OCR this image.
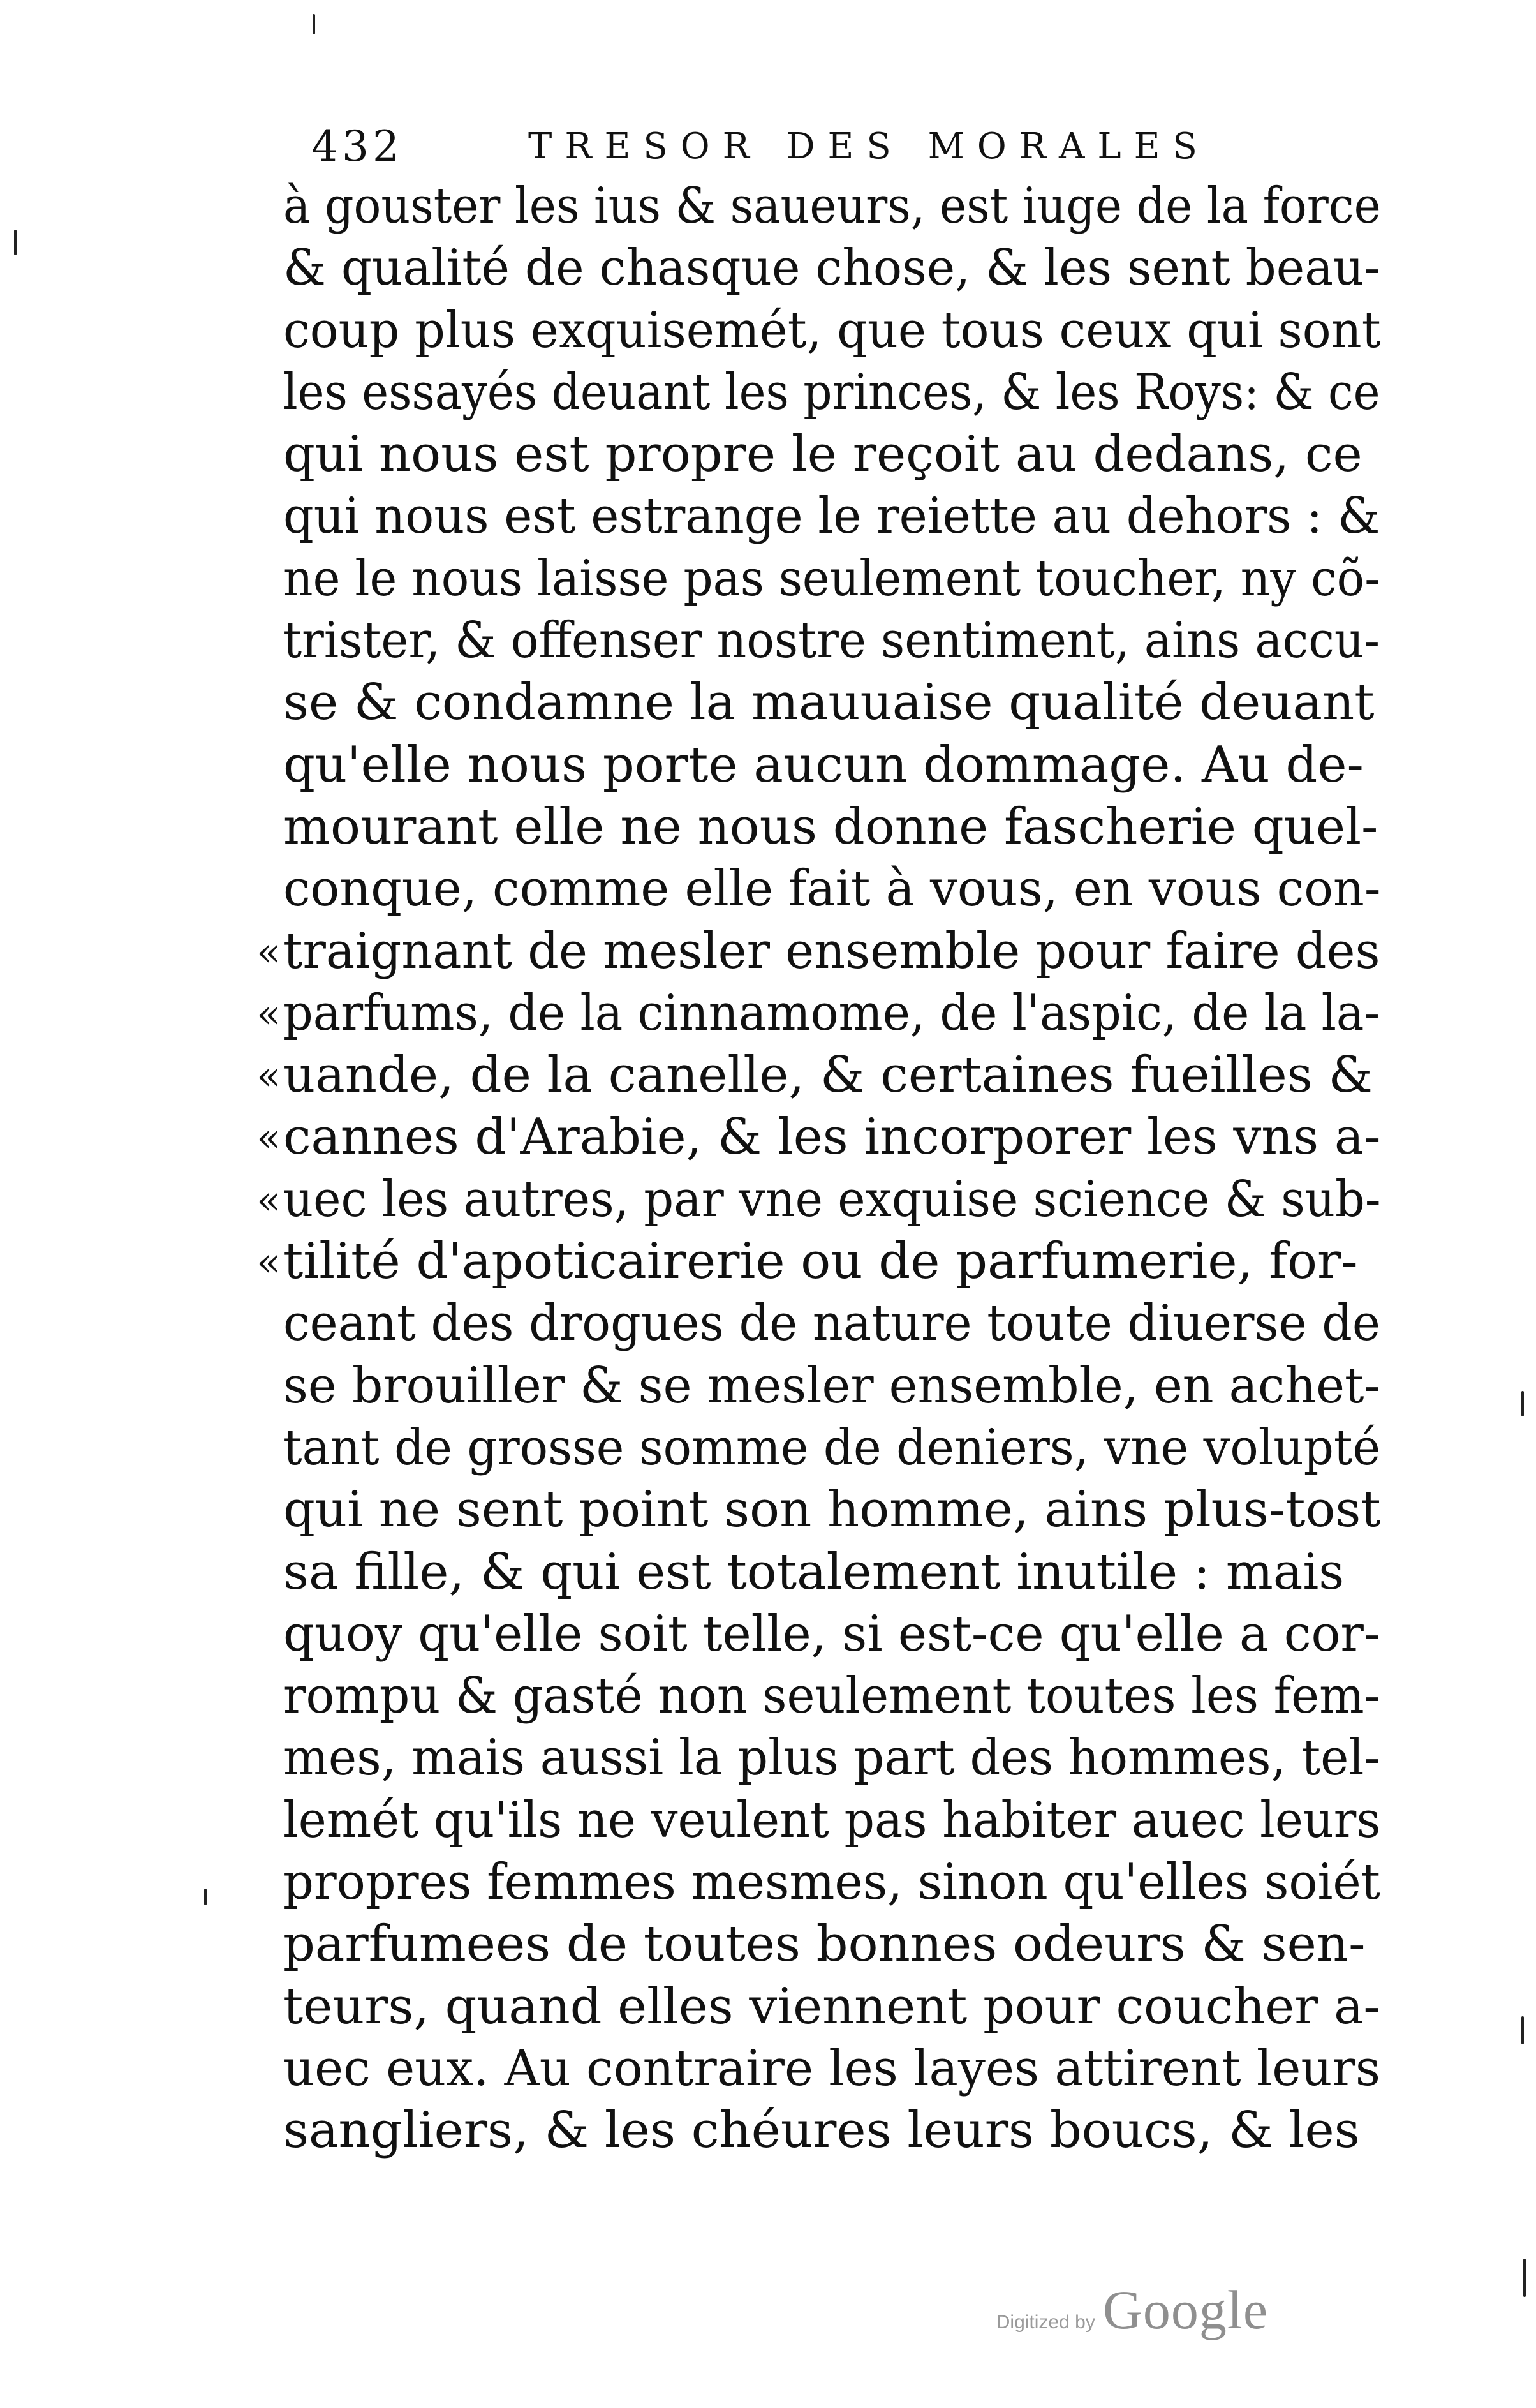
432	TRESOR DES MORALES
à gouster les ius & saueurs, est iuge de la force
& qualité de chasque chose, & les sent beau-
coup plus exquisemét, que tous ceux qui sont
les essayés deuant les princes, & les Roys: & ce
qui nous est propre le reçoit au dedans, ce
qui nous est estrange le reiette au dehors : &
ne le nous laisse pas seulement toucher, ny cõ-
trister, & offenser nostre sentiment, ains accu-
se & condamne la mauuaise qualité deuant
qu'elle nous porte aucun dommage. Au de-
mourant elle ne nous donne fascherie quel-
conque, comme elle fait à vous, en vous con-
« traignant de mesler ensemble pour faire des
« parfums, de la cinnamome, de l'aspic, de la la-
« uande, de la canelle, & certaines fueilles &
« cannes d'Arabie, & les incorporer les vns a-
« uec les autres, par vne exquise science & sub-
« tilité d'apoticairerie ou de parfumerie, for-
ceant des drogues de nature toute diuerse de
se brouiller & se mesler ensemble, en achet-
tant de grosse somme de deniers, vne volupté
qui ne sent point son homme, ains plus-tost
sa fille, & qui est totalement inutile : mais
quoy qu'elle soit telle, si est-ce qu'elle a cor-
rompu & gasté non seulement toutes les fem-
mes, mais aussi la plus part des hommes, tel-
lemét qu'ils ne veulent pas habiter auec leurs
propres femmes mesmes, sinon qu'elles soiét
parfumees de toutes bonnes odeurs & sen-
teurs, quand elles viennent pour coucher a-
uec eux. Au contraire les layes attirent leurs
sangliers, & les chéures leurs boucs, & les
Digitized by Google
